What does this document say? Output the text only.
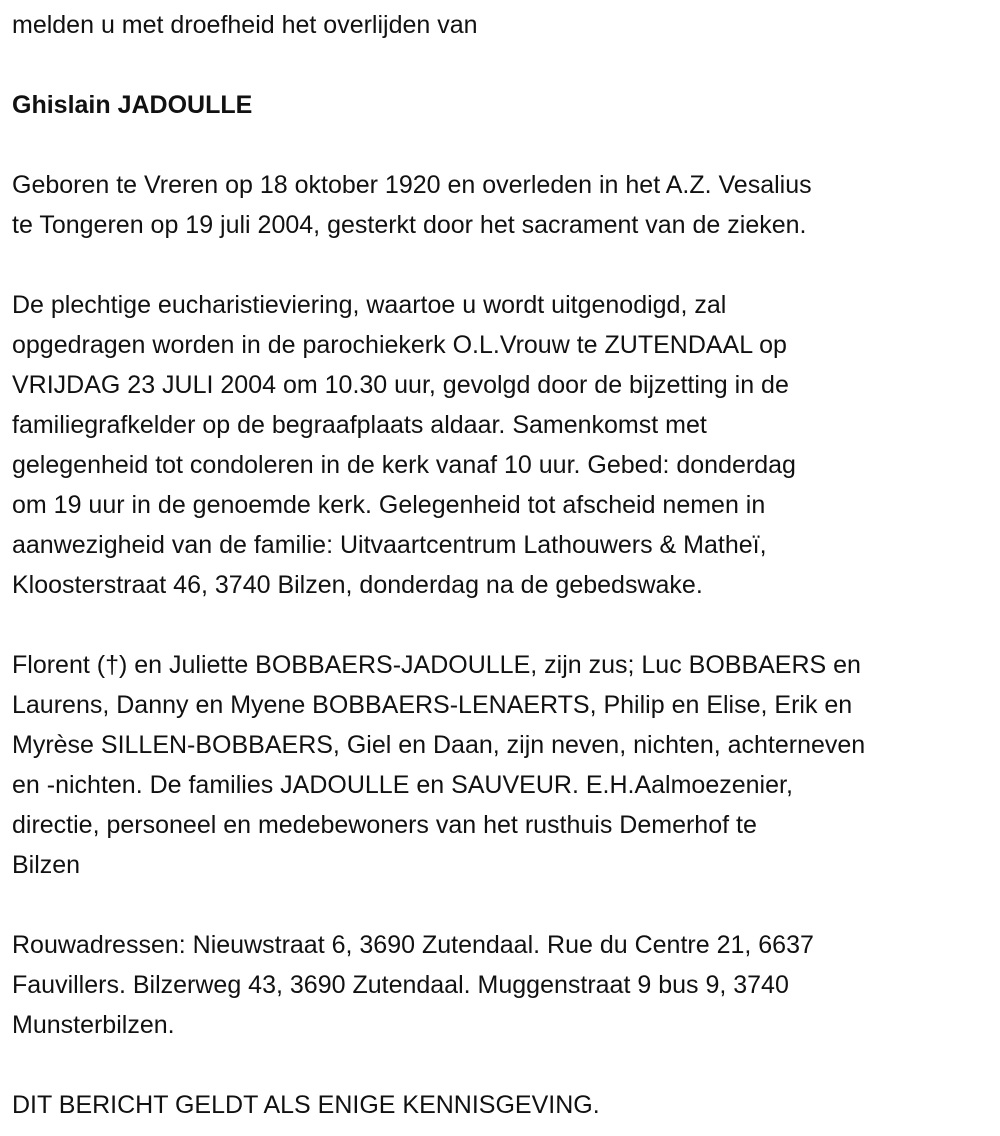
melden u met droefheid het overlijden van
Ghislain JADOULLE
Geboren te Vreren op 18 oktober 1920 en overleden in het A.Z. Vesalius
te Tongeren op 19 juli 2004, gesterkt door het sacrament van de zieken.
De plechtige eucharistieviering, waartoe u wordt uitgenodigd, zal
opgedragen worden in de parochiekerk O.L.Vrouw te ZUTENDAAL op
VRIJDAG 23 JULI 2004 om 10.30 uur, gevolgd door de bijzetting in de
familiegrafkelder op de begraafplaats aldaar. Samenkomst met
gelegenheid tot condoleren in de kerk vanaf 10 uur. Gebed: donderdag
om 19 uur in de genoemde kerk. Gelegenheid tot afscheid nemen in
aanwezigheid van de familie: Uitvaartcentrum Lathouwers & Matheï,
Kloosterstraat 46, 3740 Bilzen, donderdag na de gebedswake.
Florent (†) en Juliette BOBBAERS-JADOULLE, zijn zus; Luc BOBBAERS en
Laurens, Danny en Myene BOBBAERS-LENAERTS, Philip en Elise, Erik en
Myrèse SILLEN-BOBBAERS, Giel en Daan, zijn neven, nichten, achterneven
en -nichten. De families JADOULLE en SAUVEUR. E.H.Aalmoezenier,
directie, personeel en medebewoners van het rusthuis Demerhof te
Bilzen
Rouwadressen: Nieuwstraat 6, 3690 Zutendaal. Rue du Centre 21, 6637
Fauvillers. Bilzerweg 43, 3690 Zutendaal. Muggenstraat 9 bus 9, 3740
Munsterbilzen.
DIT BERICHT GELDT ALS ENIGE KENNISGEVING.
